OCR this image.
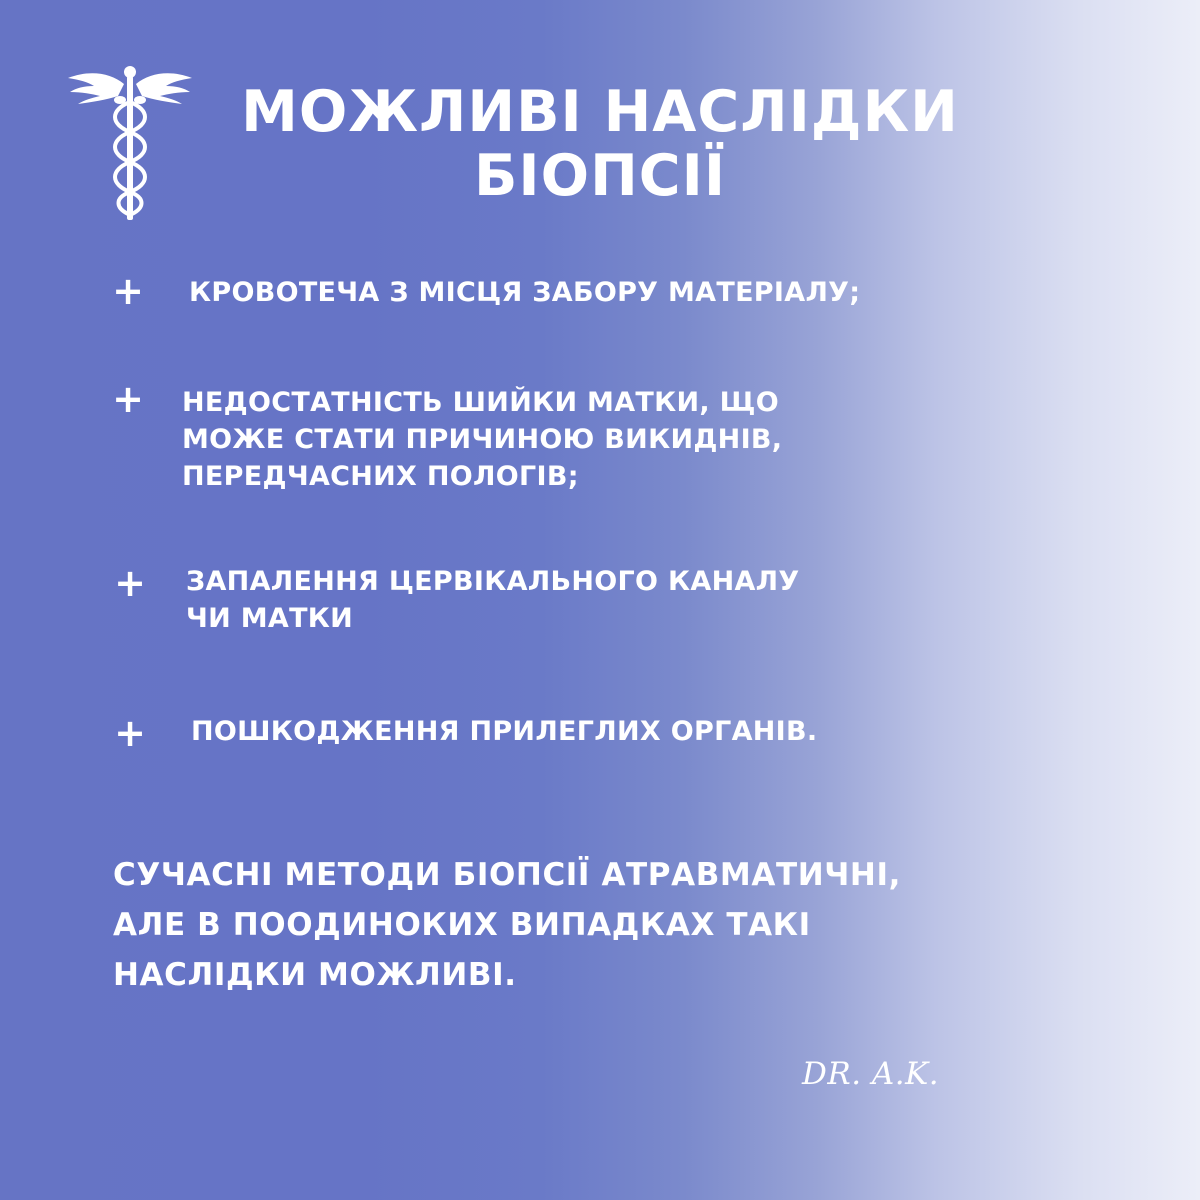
МОЖЛИВІ НАСЛІДКИ
БІОПСІЇ
+ КРОВОТЕЧА З МІСЦЯ ЗАБОРУ МАТЕРІАЛУ;
+ НЕДОСТАТНІСТЬ ШИЙКИ МАТКИ, ЩО
МОЖЕ СТАТИ ПРИЧИНОЮ ВИКИДНІВ,
ПЕРЕДЧАСНИХ ПОЛОГІВ;
+ ЗАПАЛЕННЯ ЦЕРВІКАЛЬНОГО КАНАЛУ
ЧИ МАТКИ
+ ПОШКОДЖЕННЯ ПРИЛЕГЛИХ ОРГАНІВ.
СУЧАСНІ МЕТОДИ БІОПСІЇ АТРАВМАТИЧНІ,
АЛЕ В ПООДИНОКИХ ВИПАДКАХ ТАКІ
НАСЛІДКИ МОЖЛИВІ.
DR. A.K.
